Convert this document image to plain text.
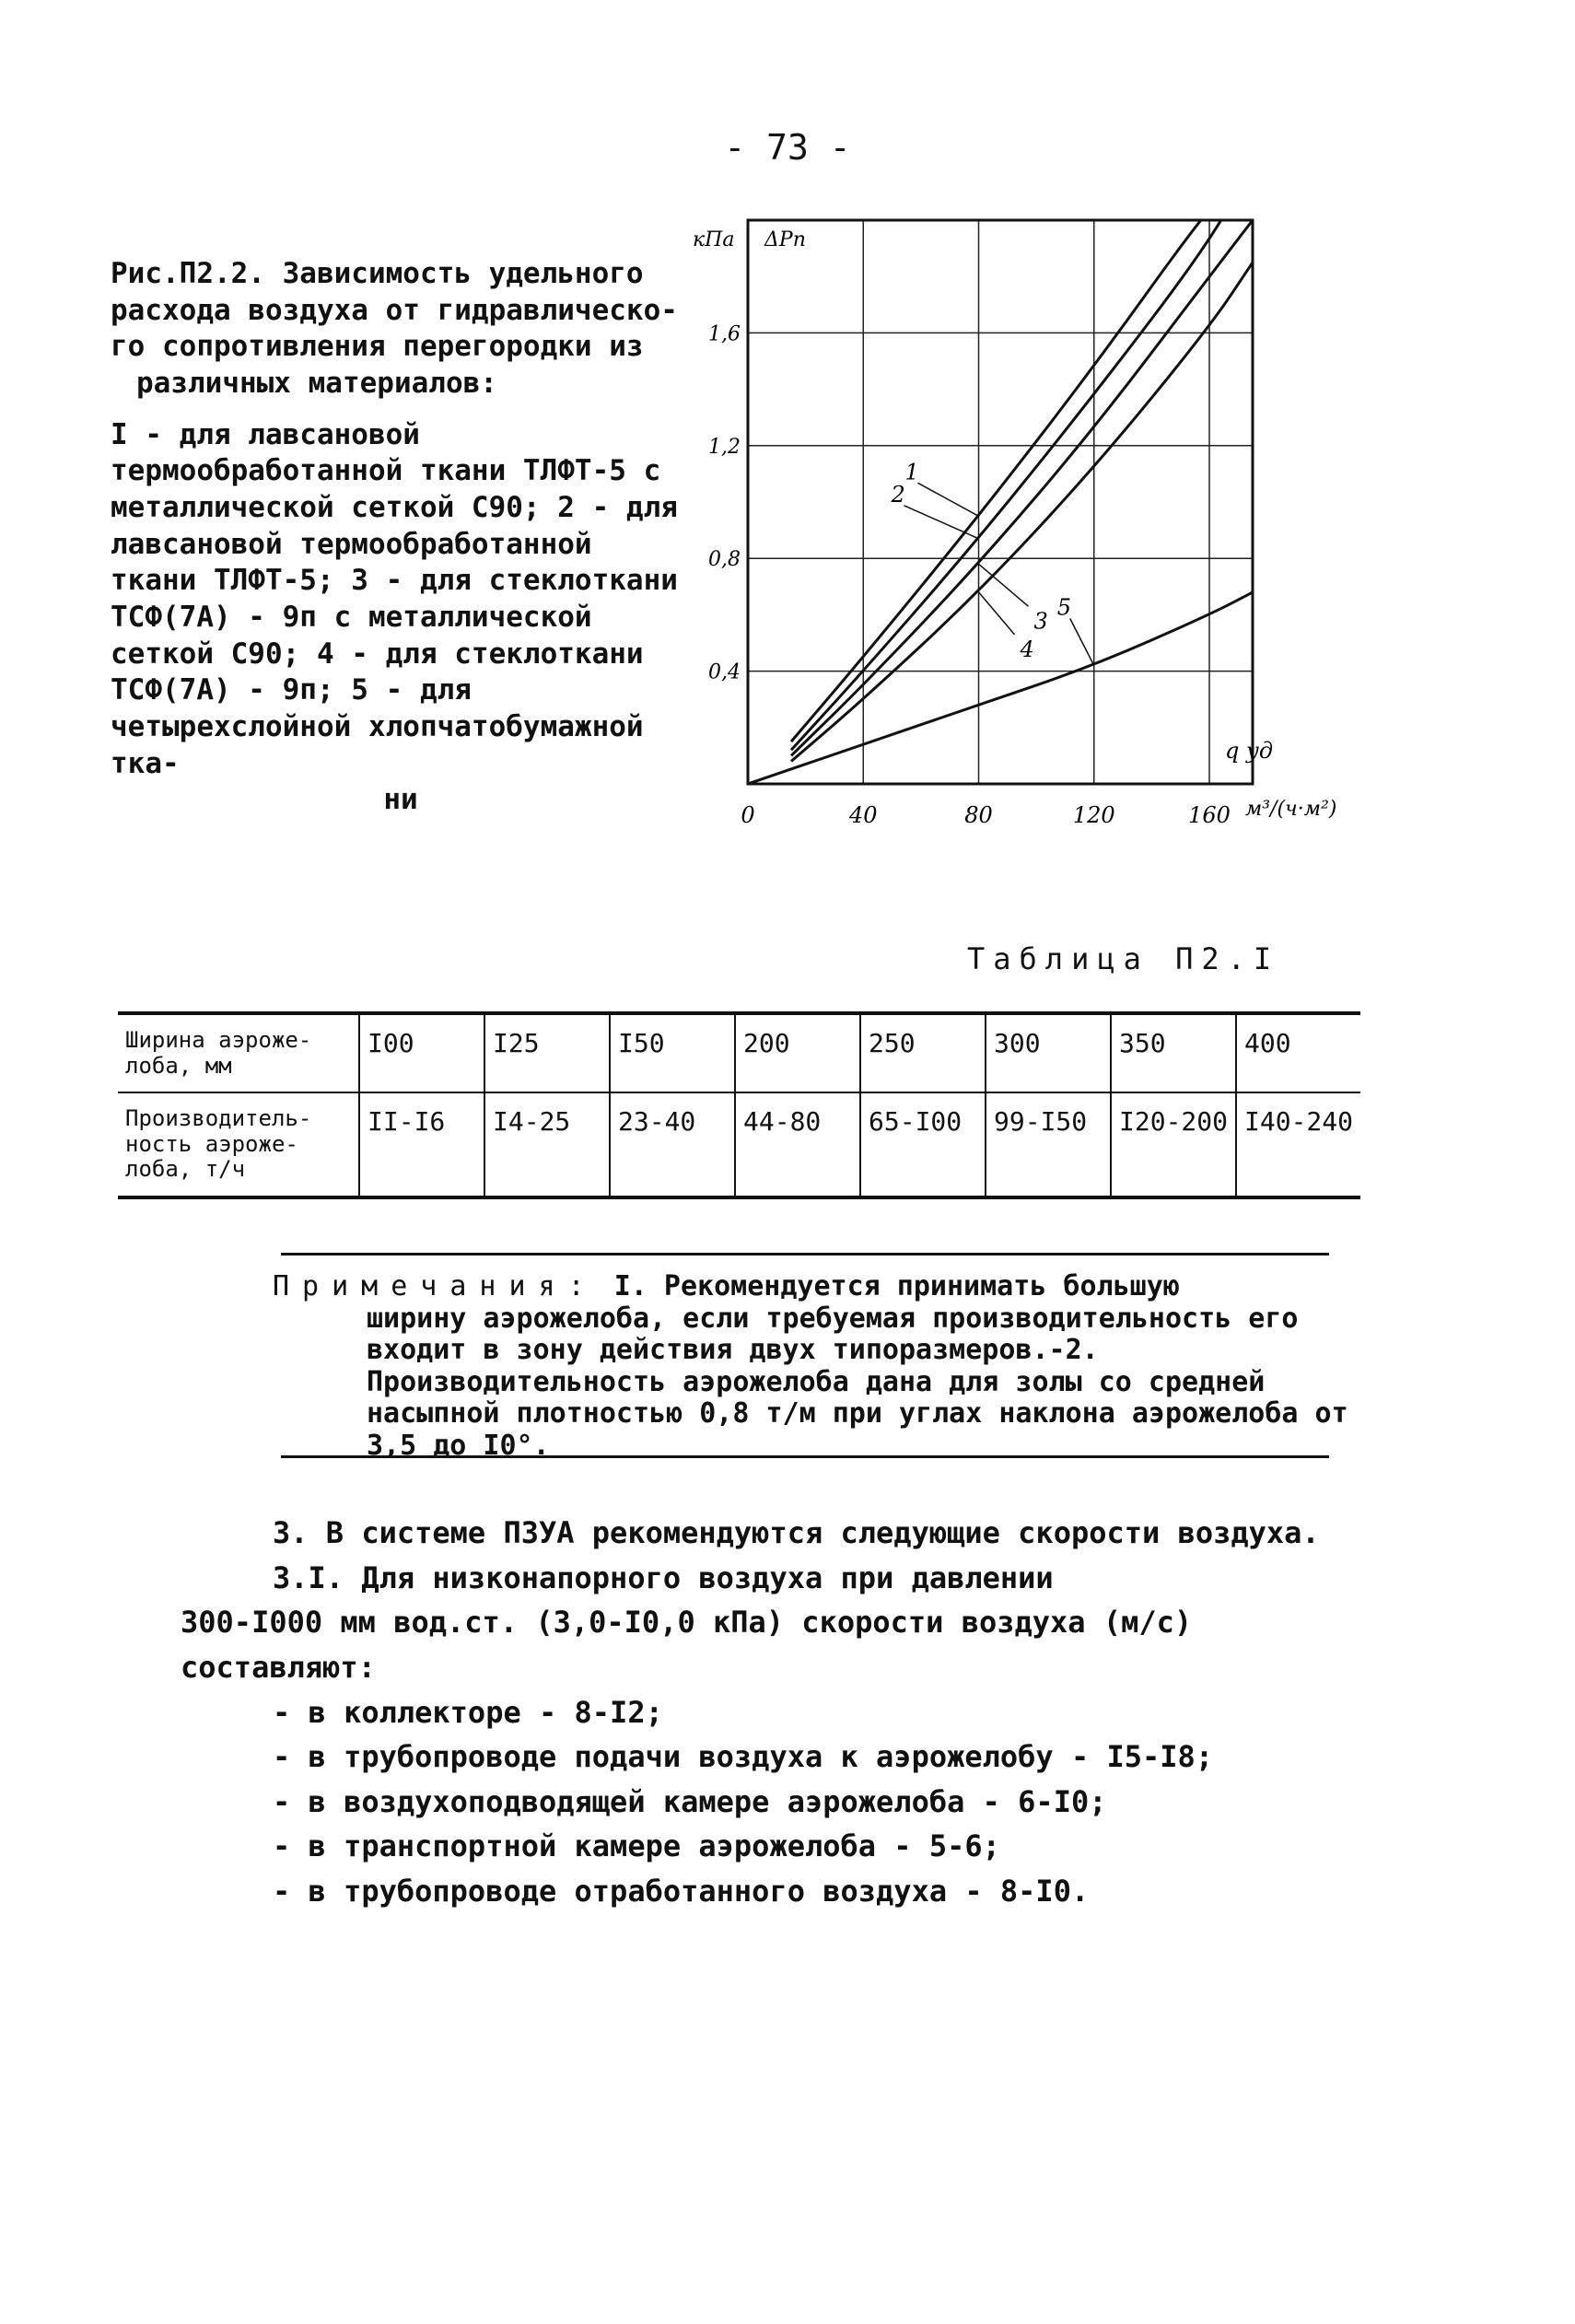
- 73 -
Рис.П2.2. Зависимость удельного расхода воздуха от гидравлическо-го сопротивления перегородки из
различных материалов:
I - для лавсановой термообработанной ткани ТЛФТ-5 с металлической сеткой С90; 2 - для лавсановой термообработанной ткани ТЛФТ-5; 3 - для стеклоткани ТСФ(7А) - 9п с металлической сеткой С90; 4 - для стеклоткани ТСФ(7А) - 9п; 5 - для четырехслойной хлопчатобумажной тка-
ни
1
2
3
4
5
0	40	80	120	160
0,4
0,8
1,2
1,6
кПа ΔPп
q уд
м³/(ч·м²)
Таблица П2.I
Ширина аэроже-лоба, мм	I00	I25	I50	200	250	300	350	400
Производитель-ность аэроже-лоба, т/ч	II-I6	I4-25	23-40	44-80	65-I00	99-I50	I20-200	I40-240
Примечания: I. Рекомендуется принимать большую
ширину аэрожелоба, если требуемая производительность его входит в зону действия двух типоразмеров.-2. Производительность аэрожелоба дана для золы со средней насыпной плотностью 0,8 т/м при углах наклона аэрожелоба от 3,5 до I0°.

3. В системе ПЗУА рекомендуются следующие скорости воздуха.

3.I. Для низконапорного воздуха при давлении

300-I000 мм вод.ст. (3,0-I0,0 кПа) скорости воздуха (м/с) составляют:

- в коллекторе - 8-I2;
- в трубопроводе подачи воздуха к аэрожелобу - I5-I8;
- в воздухоподводящей камере аэрожелоба - 6-I0;
- в транспортной камере аэрожелоба - 5-6;
- в трубопроводе отработанного воздуха - 8-I0.
